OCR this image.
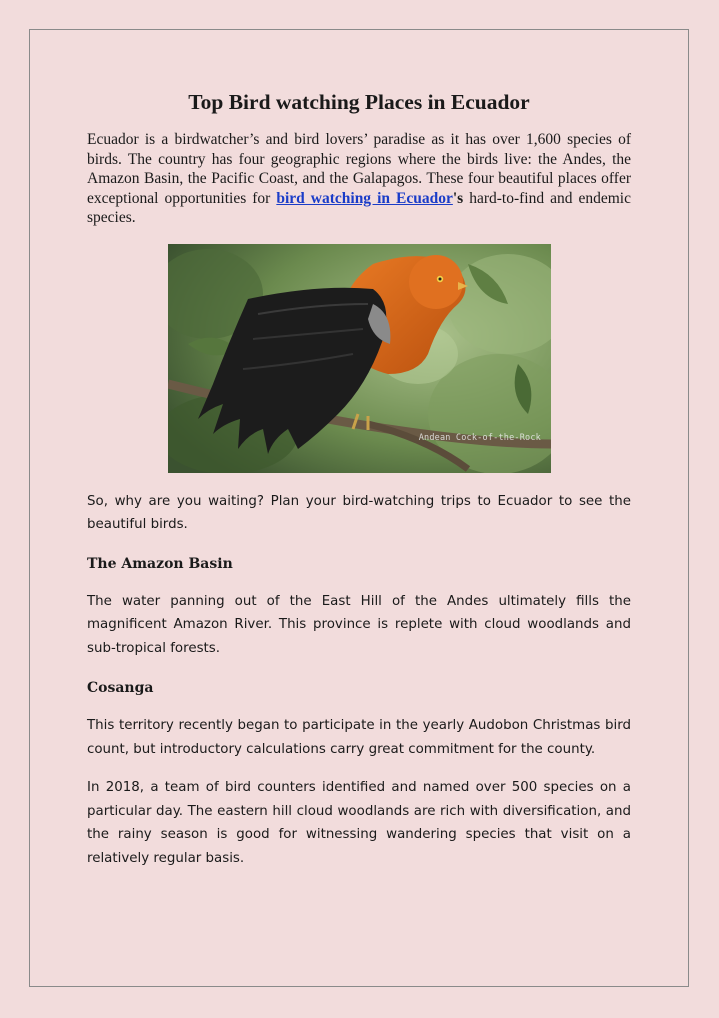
Top Bird watching Places in Ecuador

Ecuador is a birdwatcher’s and bird lovers’ paradise as it has over 1,600 species of birds. The country has four geographic regions where the birds live: the Andes, the Amazon Basin, the Pacific Coast, and the Galapagos. These four beautiful places offer exceptional opportunities for bird watching in Ecuador's hard-to-find and endemic species.

Andean Cock-of-the-Rock

So, why are you waiting? Plan your bird-watching trips to Ecuador to see the beautiful birds.

The Amazon Basin

The water panning out of the East Hill of the Andes ultimately fills the magnificent Amazon River. This province is replete with cloud woodlands and sub-tropical forests.

Cosanga

This territory recently began to participate in the yearly Audobon Christmas bird count, but introductory calculations carry great commitment for the county.

In 2018, a team of bird counters identified and named over 500 species on a particular day. The eastern hill cloud woodlands are rich with diversification, and the rainy season is good for witnessing wandering species that visit on a relatively regular basis.
